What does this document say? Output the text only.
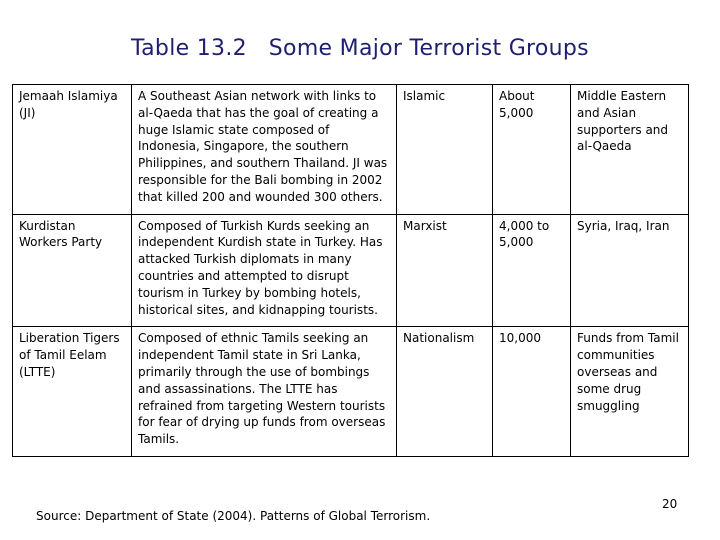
Table 13.2   Some Major Terrorist Groups
Jemaah Islamiya (JI)	A Southeast Asian network with links to al-Qaeda that has the goal of creating a huge Islamic state composed of Indonesia, Singapore, the southern Philippines, and southern Thailand. JI was responsible for the Bali bombing in 2002 that killed 200 and wounded 300 others.	Islamic	About 5,000	Middle Eastern and Asian supporters and al-Qaeda
Kurdistan Workers Party	Composed of Turkish Kurds seeking an independent Kurdish state in Turkey. Has attacked Turkish diplomats in many countries and attempted to disrupt tourism in Turkey by bombing hotels, historical sites, and kidnapping tourists.	Marxist	4,000 to 5,000	Syria, Iraq, Iran
Liberation Tigers of Tamil Eelam (LTTE)	Composed of ethnic Tamils seeking an independent Tamil state in Sri Lanka, primarily through the use of bombings and assassinations. The LTTE has refrained from targeting Western tourists for fear of drying up funds from overseas Tamils.	Nationalism	10,000	Funds from Tamil communities overseas and some drug smuggling
Source: Department of State (2004). Patterns of Global Terrorism.
20
